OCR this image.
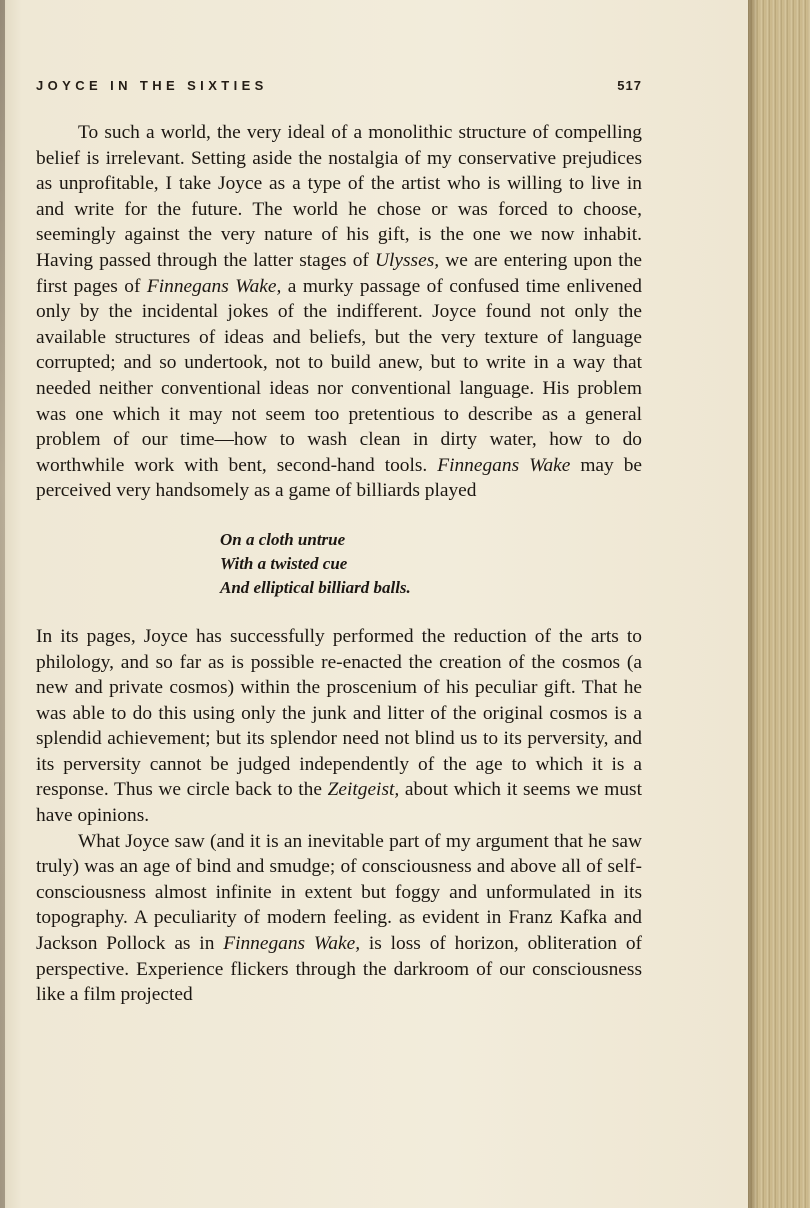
JOYCE IN THE SIXTIES	517

To such a world, the very ideal of a monolithic structure of compelling belief is irrelevant. Setting aside the nostalgia of my conservative prejudices as unprofitable, I take Joyce as a type of the artist who is willing to live in and write for the future. The world he chose or was forced to choose, seemingly against the very nature of his gift, is the one we now inhabit. Having passed through the latter stages of Ulysses, we are entering upon the first pages of Finnegans Wake, a murky passage of confused time enlivened only by the incidental jokes of the indifferent. Joyce found not only the available structures of ideas and beliefs, but the very texture of language corrupted; and so undertook, not to build anew, but to write in a way that needed neither conventional ideas nor conventional language. His problem was one which it may not seem too pretentious to describe as a general problem of our time—how to wash clean in dirty water, how to do worthwhile work with bent, second-hand tools. Finnegans Wake may be perceived very handsomely as a game of billiards played

On a cloth untrue
With a twisted cue
And elliptical billiard balls.

In its pages, Joyce has successfully performed the reduction of the arts to philology, and so far as is possible re-enacted the creation of the cosmos (a new and private cosmos) within the proscenium of his peculiar gift. That he was able to do this using only the junk and litter of the original cosmos is a splendid achievement; but its splendor need not blind us to its perversity, and its perversity cannot be judged independently of the age to which it is a response. Thus we circle back to the Zeitgeist, about which it seems we must have opinions.

What Joyce saw (and it is an inevitable part of my argument that he saw truly) was an age of bind and smudge; of consciousness and above all of self-consciousness almost infinite in extent but foggy and unformulated in its topography. A peculiarity of modern feeling. as evident in Franz Kafka and Jackson Pollock as in Finnegans Wake, is loss of horizon, obliteration of perspective. Experience flickers through the darkroom of our consciousness like a film projected
